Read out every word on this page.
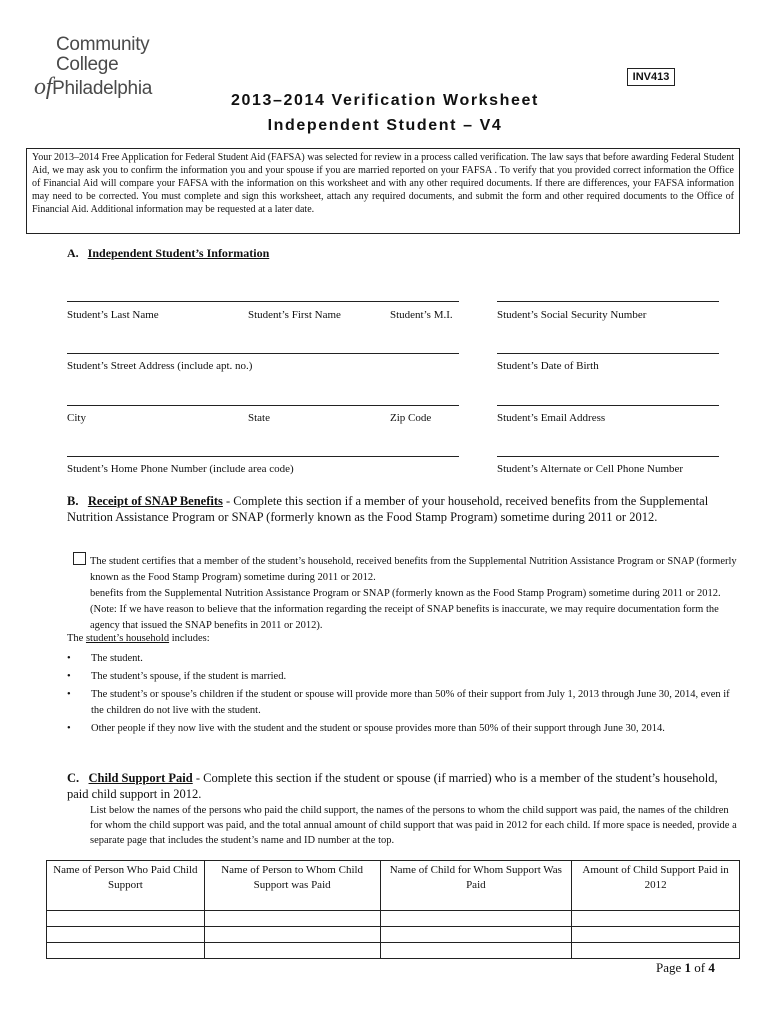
Community
College
ofPhiladelphia
INV413
2013–2014 Verification Worksheet
Independent Student – V4
Your 2013–2014 Free Application for Federal Student Aid (FAFSA) was selected for review in a process called verification. The law says that before awarding Federal Student Aid, we may ask you to confirm the information you and your spouse if you are married reported on your FAFSA . To verify that you provided correct information the Office of Financial Aid will compare your FAFSA with the information on this worksheet and with any other required documents. If there are differences, your FAFSA information may need to be corrected. You must complete and sign this worksheet, attach any required documents, and submit the form and other required documents to the Office of Financial Aid. Additional information may be requested at a later date.
A. Independent Student’s Information
Student’s Last Name	Student’s First Name	Student’s M.I.	Student’s Social Security Number
Student’s Street Address (include apt. no.)	Student’s Date of Birth
City	State	Zip Code	Student’s Email Address
Student’s Home Phone Number (include area code)	Student’s Alternate or Cell Phone Number
B. Receipt of SNAP Benefits - Complete this section if a member of your household, received benefits from the Supplemental Nutrition Assistance Program or SNAP (formerly known as the Food Stamp Program) sometime during 2011 or 2012.
The student certifies that a member of the student’s household, received benefits from the Supplemental Nutrition Assistance Program or SNAP (formerly known as the Food Stamp Program) sometime during 2011 or 2012.
benefits from the Supplemental Nutrition Assistance Program or SNAP (formerly known as the Food Stamp Program) sometime during 2011 or 2012. (Note: If we have reason to believe that the information regarding the receipt of SNAP benefits is inaccurate, we may require documentation form the agency that issued the SNAP benefits in 2011 or 2012).
The student’s household includes:
• The student.
• The student’s spouse, if the student is married.
• The student’s or spouse’s children if the student or spouse will provide more than 50% of their support from July 1, 2013 through June 30, 2014, even if the children do not live with the student.
• Other people if they now live with the student and the student or spouse provides more than 50% of their support through June 30, 2014.
C. Child Support Paid - Complete this section if the student or spouse (if married) who is a member of the student’s household, paid child support in 2012.
List below the names of the persons who paid the child support, the names of the persons to whom the child support was paid, the names of the children for whom the child support was paid, and the total annual amount of child support that was paid in 2012 for each child. If more space is needed, provide a separate page that includes the student’s name and ID number at the top.
Name of Person Who Paid Child Support	Name of Person to Whom Child Support was Paid	Name of Child for Whom Support Was Paid	Amount of Child Support Paid in 2012

Page 1 of 4
